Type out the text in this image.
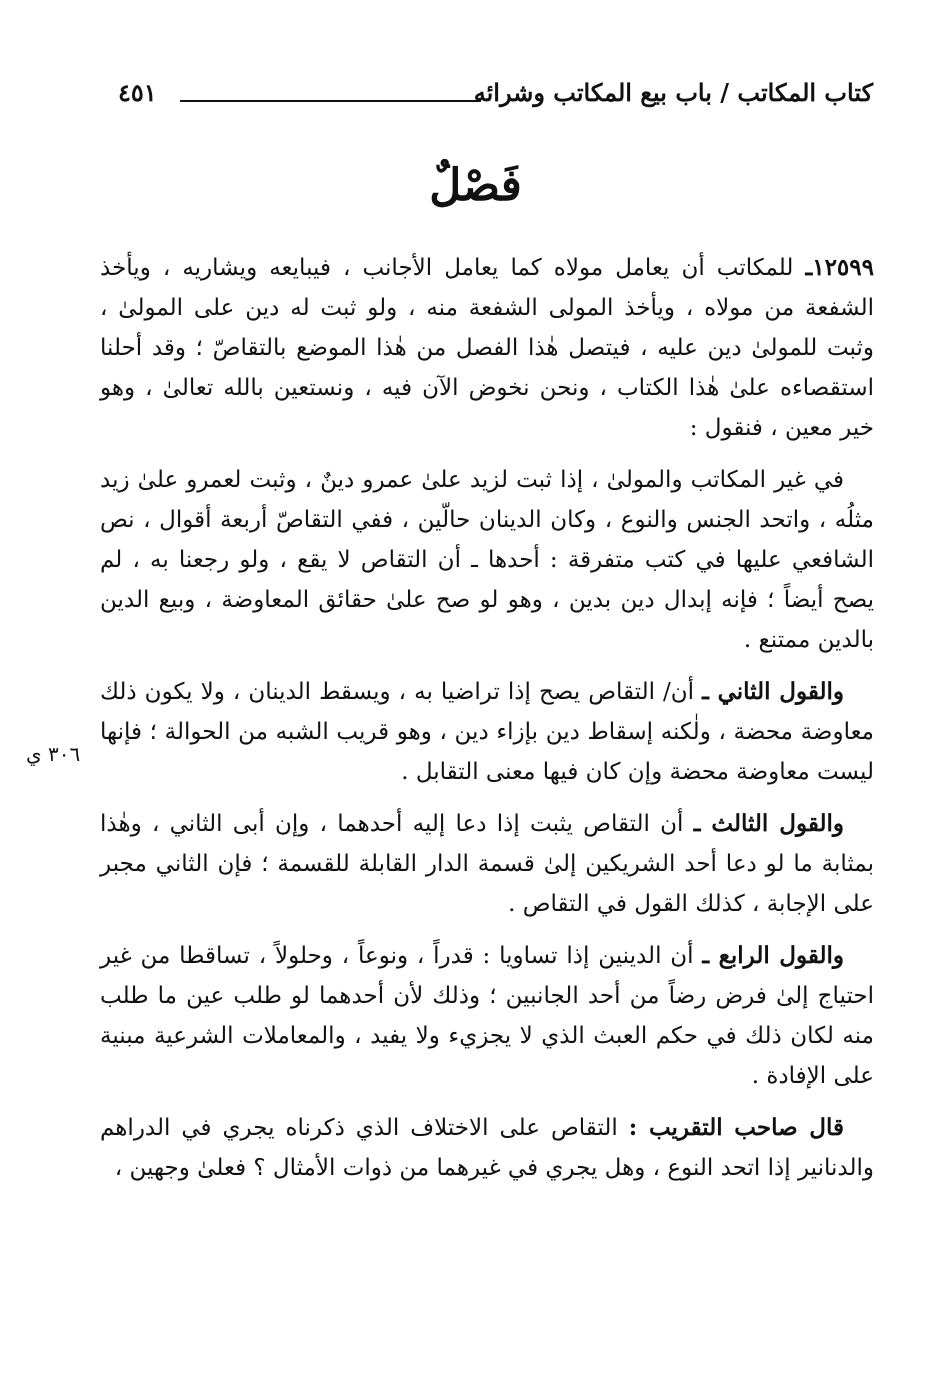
كتاب المكاتب / باب بيع المكاتب وشرائه
٤٥١
فَصْلٌ
٣٠٦ ي

١٢٥٩٩ـ للمكاتب أن يعامل مولاه كما يعامل الأجانب ، فيبايعه ويشاريه ، ويأخذ الشفعة من مولاه ، ويأخذ المولى الشفعة منه ، ولو ثبت له دين على المولىٰ ، وثبت للمولىٰ دين عليه ، فيتصل هٰذا الفصل من هٰذا الموضع بالتقاصّ ؛ وقد أحلنا استقصاءه علىٰ هٰذا الكتاب ، ونحن نخوض الآن فيه ، ونستعين بالله تعالىٰ ، وهو خير معين ، فنقول :

في غير المكاتب والمولىٰ ، إذا ثبت لزيد علىٰ عمرو دينٌ ، وثبت لعمرو علىٰ زيد مثلُه ، واتحد الجنس والنوع ، وكان الدينان حالّين ، ففي التقاصّ أربعة أقوال ، نص الشافعي عليها في كتب متفرقة : أحدها ـ أن التقاص لا يقع ، ولو رجعنا به ، لم يصح أيضاً ؛ فإنه إبدال دين بدين ، وهو لو صح علىٰ حقائق المعاوضة ، وبيع الدين بالدين ممتنع .

والقول الثاني ـ أن/ التقاص يصح إذا تراضيا به ، ويسقط الدينان ، ولا يكون ذلك معاوضة محضة ، ولٰكنه إسقاط دين بإزاء دين ، وهو قريب الشبه من الحوالة ؛ فإنها ليست معاوضة محضة وإن كان فيها معنى التقابل .

والقول الثالث ـ أن التقاص يثبت إذا دعا إليه أحدهما ، وإن أبى الثاني ، وهٰذا بمثابة ما لو دعا أحد الشريكين إلىٰ قسمة الدار القابلة للقسمة ؛ فإن الثاني مجبر على الإجابة ، كذلك القول في التقاص .

والقول الرابع ـ أن الدينين إذا تساويا : قدراً ، ونوعاً ، وحلولاً ، تساقطا من غير احتياج إلىٰ فرض رضاً من أحد الجانبين ؛ وذلك لأن أحدهما لو طلب عين ما طلب منه لكان ذلك في حكم العبث الذي لا يجزيء ولا يفيد ، والمعاملات الشرعية مبنية على الإفادة .

قال صاحب التقريب : التقاص على الاختلاف الذي ذكرناه يجري في الدراهم والدنانير إذا اتحد النوع ، وهل يجري في غيرهما من ذوات الأمثال ؟ فعلىٰ وجهين ،
